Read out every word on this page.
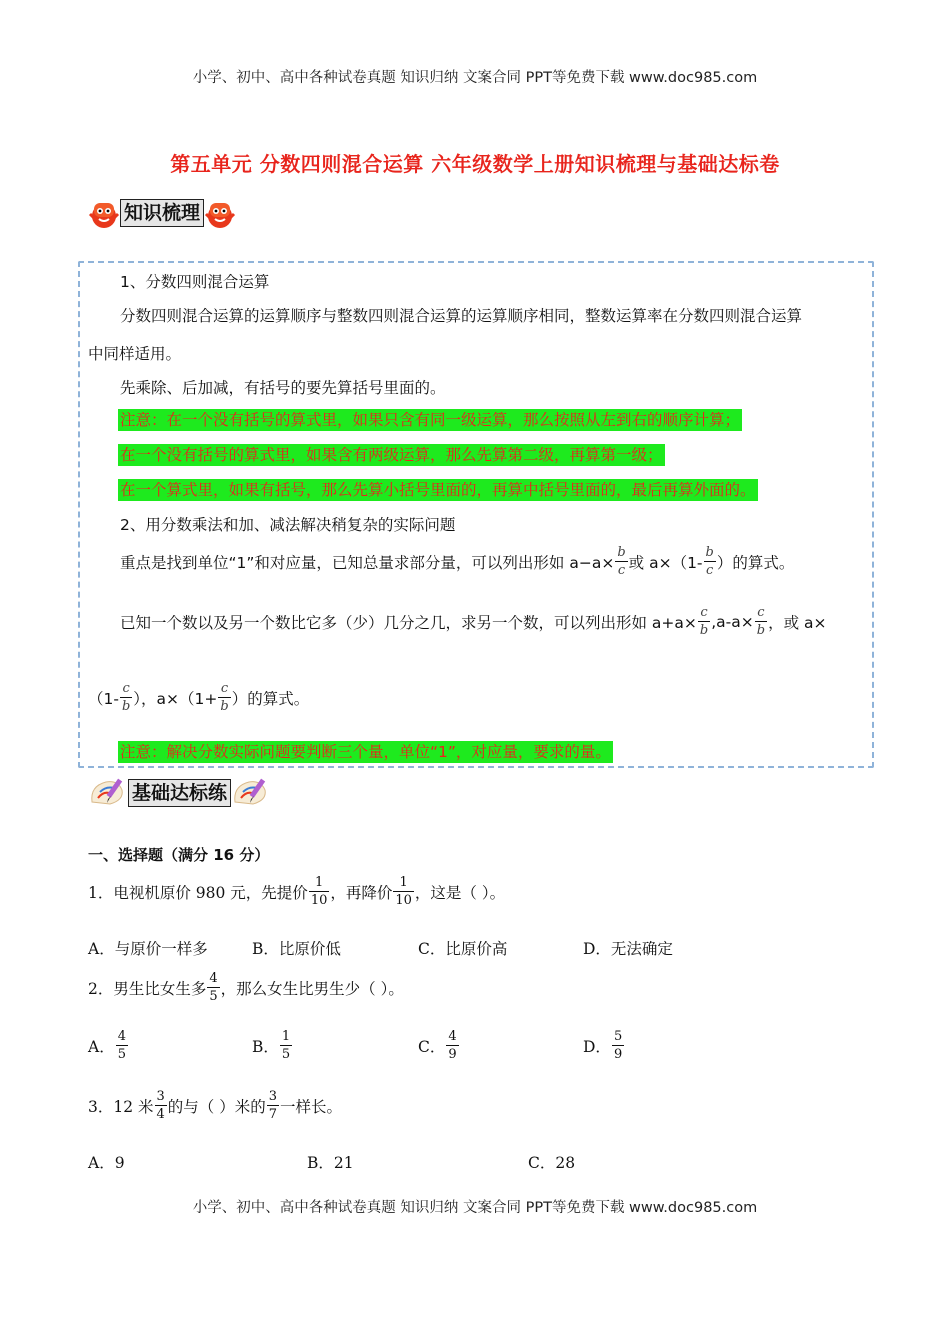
小学、初中、高中各种试卷真题 知识归纳 文案合同 PPT等免费下载 www.doc985.com
第五单元 分数四则混合运算 六年级数学上册知识梳理与基础达标卷
知识梳理
1、分数四则混合运算
分数四则混合运算的运算顺序与整数四则混合运算的运算顺序相同，整数运算率在分数四则混合运算
中同样适用。
先乘除、后加减，有括号的要先算括号里面的。
注意：在一个没有括号的算式里，如果只含有同一级运算，那么按照从左到右的顺序计算；
在一个没有括号的算式里，如果含有两级运算，那么先算第二级，再算第一级；
在一个算式里，如果有括号，那么先算小括号里面的，再算中括号里面的，最后再算外面的。
2、用分数乘法和加、减法解决稍复杂的实际问题
重点是找到单位“1”和对应量，已知总量求部分量，可以列出形如 $a-a\times \frac{b}{c}$ 或 $a\times(1- \frac{b}{c}$ ）的算式。
已知一个数以及另一个数比它多（少）几分之几，求另一个数，可以列出形如 $a+a\times \frac{c}{b} ,a-a\times \frac{c}{b}$ ，或 a×
（$1- \frac{c}{b}$ ），$a\times(1+ \frac{c}{b}$ ）的算式。
注意：解决分数实际问题要判断三个量，单位“1”，对应量，要求的量。
基础达标练
一、选择题（满分 16 分）
1．电视机原价 980 元，先提价 $\frac{1}{10}$ ，再降价 $\frac{1}{10}$ ，这是（ ）。
A．与原价一样多	B．比原价低	C．比原价高	D．无法确定
2．男生比女生多 $\frac{4}{5}$ ，那么女生比男生少（ ）。
A． $\frac{4}{5}$	B． $\frac{1}{5}$	C． $\frac{4}{9}$	D． $\frac{5}{9}$
3．12 米 $\frac{3}{4}$ 的与（ ）米的 $\frac{3}{7}$ 一样长。
A．9	B．21	C．28
小学、初中、高中各种试卷真题 知识归纳 文案合同 PPT等免费下载 www.doc985.com
